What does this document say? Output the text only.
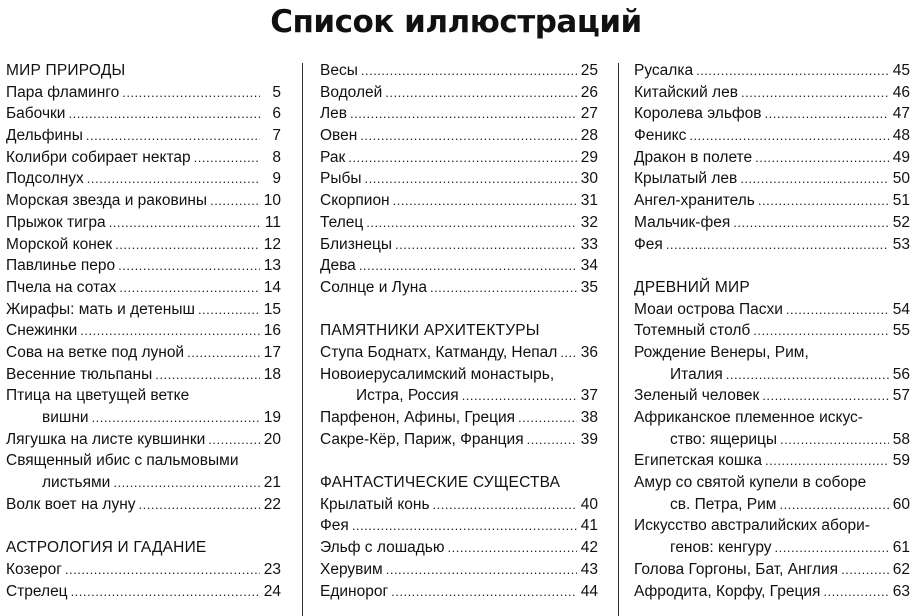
Список иллюстраций
МИР ПРИРОДЫ
Пара фламинго .....	5
Бабочки .....	6
Дельфины .....	7
Колибри собирает нектар .....	8
Подсолнух .....	9
Морская звезда и раковины .....	10
Прыжок тигра .....	11
Морской конек .....	12
Павлинье перо .....	13
Пчела на сотах .....	14
Жирафы: мать и детеныш .....	15
Снежинки .....	16
Сова на ветке под луной .....	17
Весенние тюльпаны .....	18
Птица на цветущей ветке
вишни .....	19
Лягушка на листе кувшинки .....	20
Священный ибис с пальмовыми
листьями .....	21
Волк воет на луну .....	22
АСТРОЛОГИЯ И ГАДАНИЕ
Козерог .....	23
Стрелец .....	24
Весы .....	25
Водолей .....	26
Лев .....	27
Овен .....	28
Рак .....	29
Рыбы .....	30
Скорпион .....	31
Телец .....	32
Близнецы .....	33
Дева .....	34
Солнце и Луна .....	35
ПАМЯТНИКИ АРХИТЕКТУРЫ
Ступа Боднатх, Катманду, Непал ..... 36
Новоиерусалимский монастырь,
Истра, Россия .....	37
Парфенон, Афины, Греция .....	38
Сакре-Кёр, Париж, Франция .....	39
ФАНТАСТИЧЕСКИЕ СУЩЕСТВА
Крылатый конь .....	40
Фея .....	41
Эльф с лошадью .....	42
Херувим .....	43
Единорог .....	44
Русалка .....	45
Китайский лев .....	46
Королева эльфов .....	47
Феникс .....	48
Дракон в полете .....	49
Крылатый лев .....	50
Ангел-хранитель .....	51
Мальчик-фея .....	52
Фея .....	53
ДРЕВНИЙ МИР
Моаи острова Пасхи .....	54
Тотемный столб .....	55
Рождение Венеры, Рим,
Италия .....	56
Зеленый человек .....	57
Африканское племенное искус-
ство: ящерицы .....	58
Египетская кошка .....	59
Амур со святой купели в соборе
св. Петра, Рим .....	60
Искусство австралийских абори-
генов: кенгуру .....	61
Голова Горгоны, Бат, Англия .....	62
Афродита, Корфу, Греция .....	63
